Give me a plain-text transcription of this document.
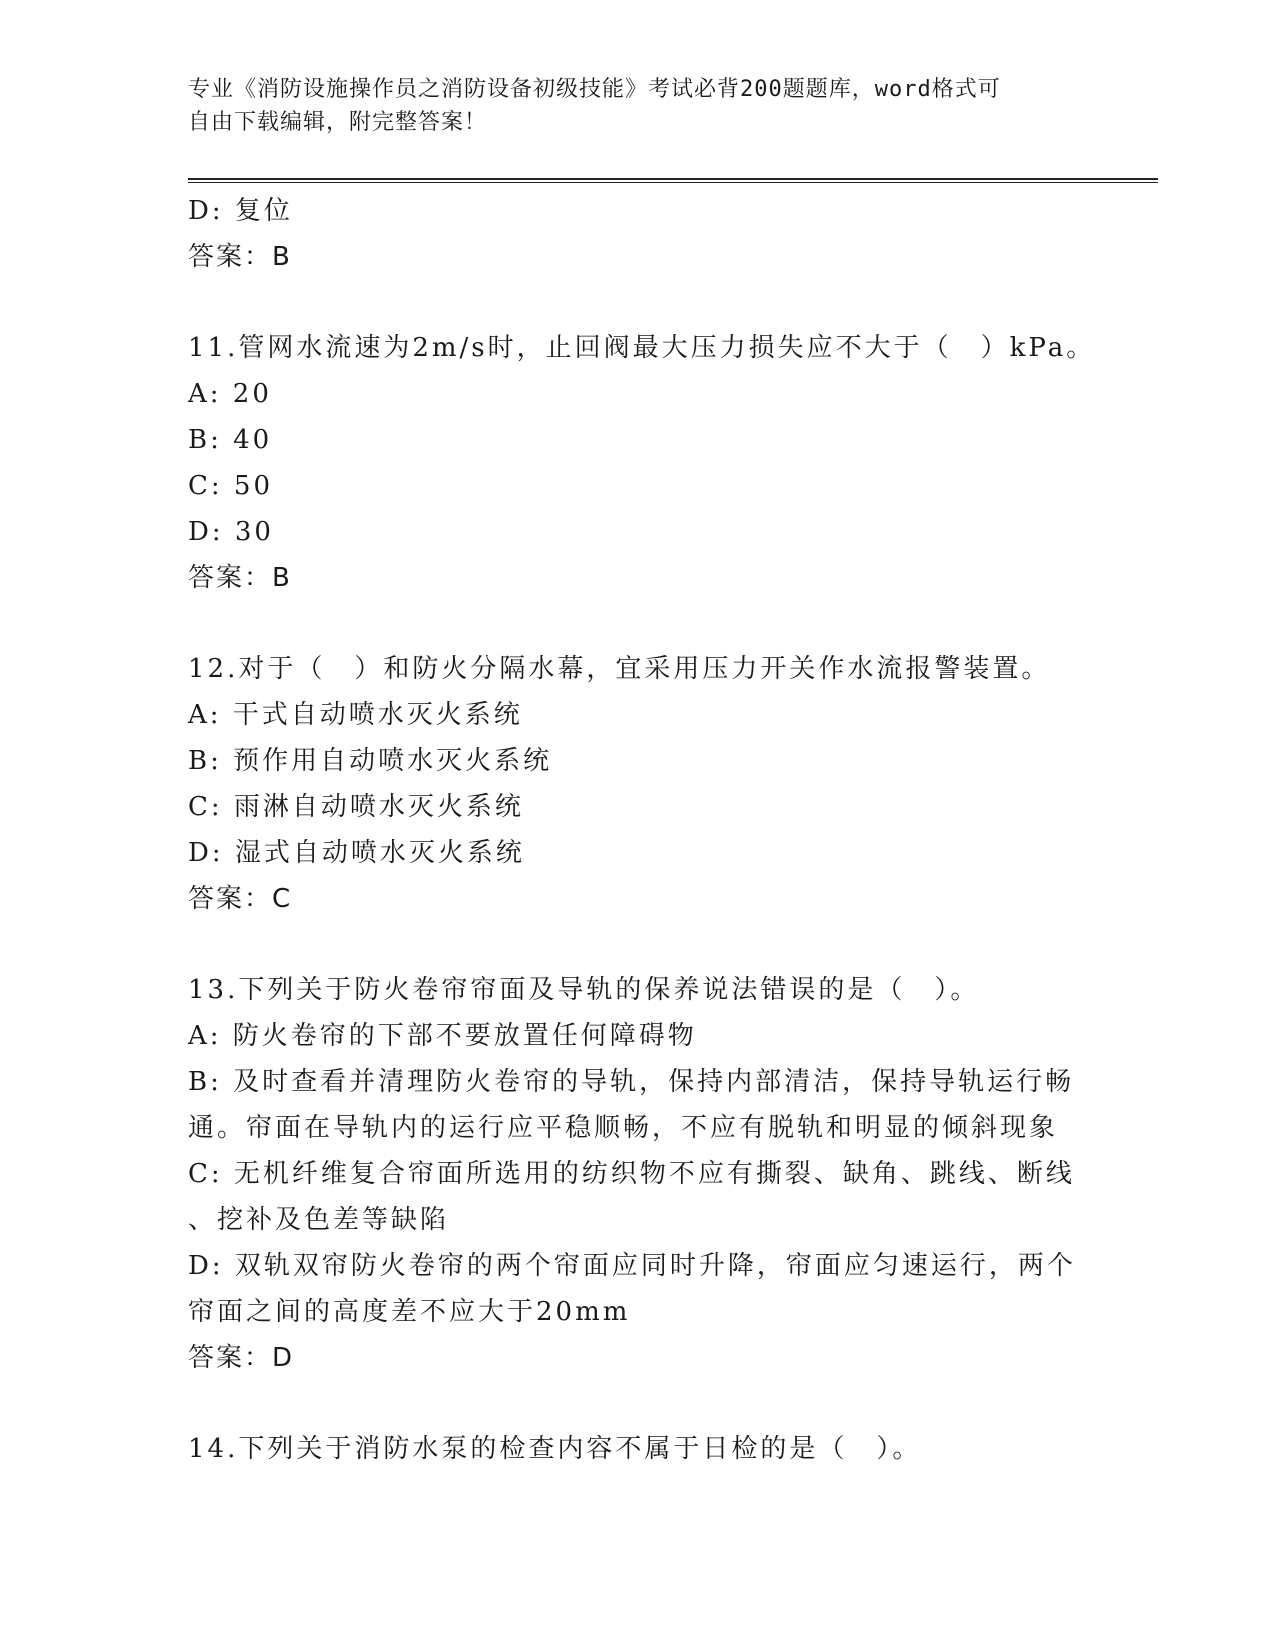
专业《消防设施操作员之消防设备初级技能》考试必背200题题库，word格式可
自由下载编辑，附完整答案！
D: 复位
答案：B
11.管网水流速为2m/s时，止回阀最大压力损失应不大于（　）kPa。
A: 20
B: 40
C: 50
D: 30
答案：B
12.对于（　）和防火分隔水幕，宜采用压力开关作水流报警装置。
A: 干式自动喷水灭火系统
B: 预作用自动喷水灭火系统
C: 雨淋自动喷水灭火系统
D: 湿式自动喷水灭火系统
答案：C
13.下列关于防火卷帘帘面及导轨的保养说法错误的是（　）。
A: 防火卷帘的下部不要放置任何障碍物
B: 及时查看并清理防火卷帘的导轨，保持内部清洁，保持导轨运行畅
通。帘面在导轨内的运行应平稳顺畅，不应有脱轨和明显的倾斜现象
C: 无机纤维复合帘面所选用的纺织物不应有撕裂、缺角、跳线、断线
、挖补及色差等缺陷
D: 双轨双帘防火卷帘的两个帘面应同时升降，帘面应匀速运行，两个
帘面之间的高度差不应大于20mm
答案：D
14.下列关于消防水泵的检查内容不属于日检的是（　）。
